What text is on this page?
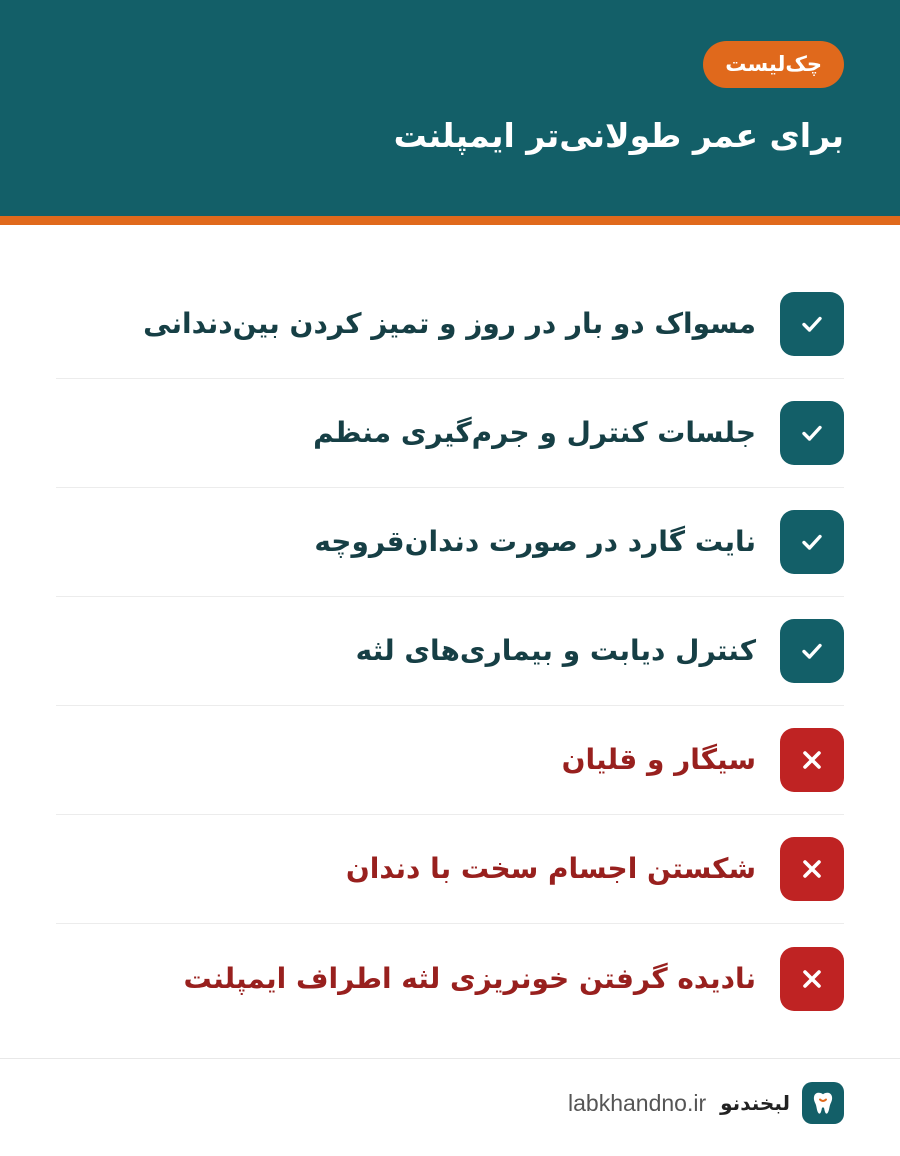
چک‌لیست
برای عمر طولانی‌تر ایمپلنت
مسواک دو بار در روز و تمیز کردن بین‌دندانی
جلسات کنترل و جرم‌گیری منظم
نایت گارد در صورت دندان‌قروچه
کنترل دیابت و بیماری‌های لثه
سیگار و قلیان
شکستن اجسام سخت با دندان
نادیده گرفتن خونریزی لثه اطراف ایمپلنت
لبخندنو
labkhandno.ir
